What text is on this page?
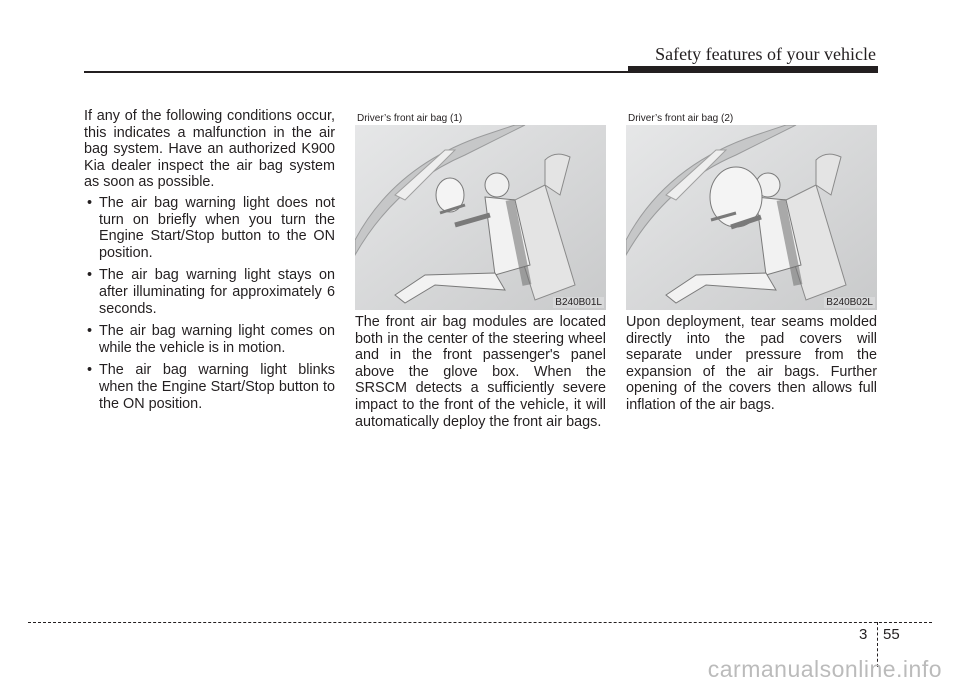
Safety features of your vehicle

If any of the following conditions occur, this indicates a malfunction in the air bag system. Have an authorized K900 Kia dealer inspect the air bag system as soon as possible.

• The air bag warning light does not turn on briefly when you turn the Engine Start/Stop button to the ON position.
• The air bag warning light stays on after illuminating for approximately 6 seconds.
• The air bag warning light comes on while the vehicle is in motion.
• The air bag warning light blinks when the Engine Start/Stop button to the ON position.
Driver’s front air bag (1)
B240B01L
Driver’s front air bag (2)
B240B02L

The front air bag modules are located both in the center of the steering wheel and in the front passenger's panel above the glove box. When the SRSCM detects a sufficiently severe impact to the front of the vehicle, it will automatically deploy the front air bags.

Upon deployment, tear seams molded directly into the pad covers will separate under pressure from the expansion of the air bags. Further opening of the covers then allows full inflation of the air bags.

3 55
carmanualsonline.info
